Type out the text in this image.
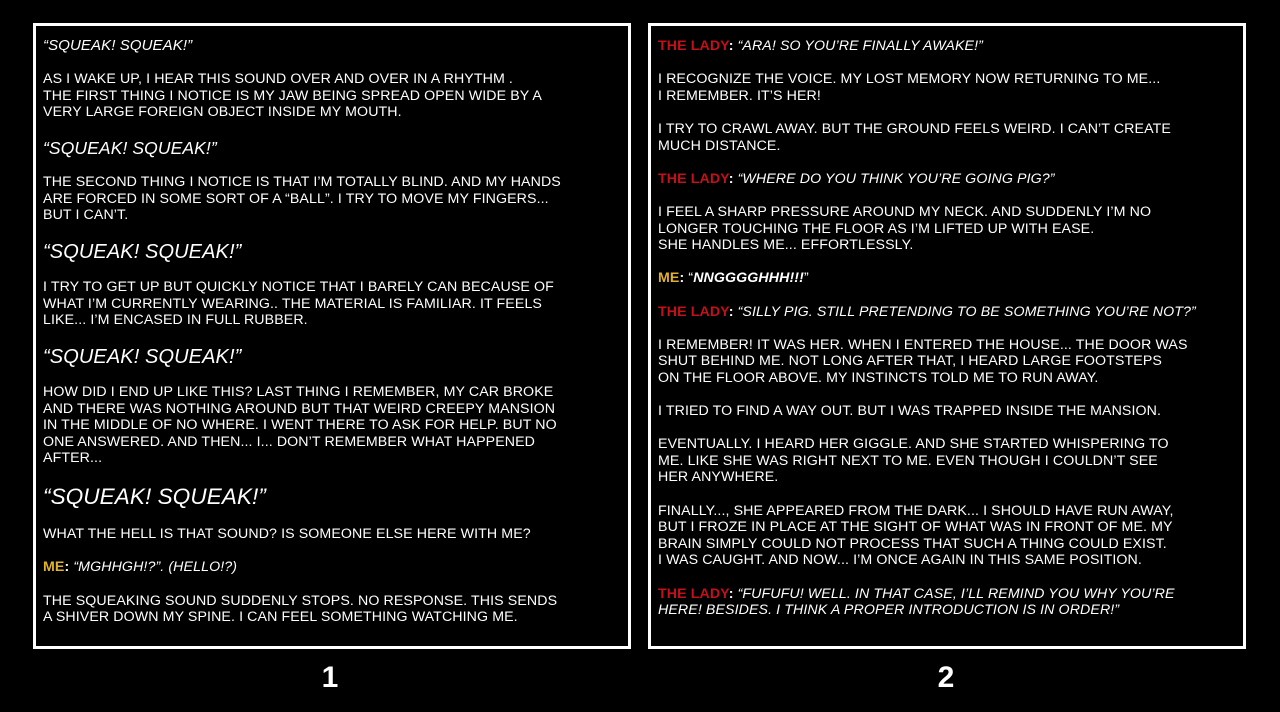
“SQUEAK! SQUEAK!”
AS I WAKE UP, I HEAR THIS SOUND OVER AND OVER IN A RHYTHM .
THE FIRST THING I NOTICE IS MY JAW BEING SPREAD OPEN WIDE BY A
VERY LARGE FOREIGN OBJECT INSIDE MY MOUTH.
“SQUEAK! SQUEAK!”
THE SECOND THING I NOTICE IS THAT I’M TOTALLY BLIND. AND MY HANDS
ARE FORCED IN SOME SORT OF A “BALL”. I TRY TO MOVE MY FINGERS...
BUT I CAN’T.
“SQUEAK! SQUEAK!”
I TRY TO GET UP BUT QUICKLY NOTICE THAT I BARELY CAN BECAUSE OF
WHAT I’M CURRENTLY WEARING.. THE MATERIAL IS FAMILIAR. IT FEELS
LIKE... I’M ENCASED IN FULL RUBBER.
“SQUEAK! SQUEAK!”
HOW DID I END UP LIKE THIS? LAST THING I REMEMBER, MY CAR BROKE
AND THERE WAS NOTHING AROUND BUT THAT WEIRD CREEPY MANSION
IN THE MIDDLE OF NO WHERE. I WENT THERE TO ASK FOR HELP. BUT NO
ONE ANSWERED. AND THEN... I... DON’T REMEMBER WHAT HAPPENED
AFTER...
“SQUEAK! SQUEAK!”
WHAT THE HELL IS THAT SOUND? IS SOMEONE ELSE HERE WITH ME?
ME: “MGHHGH!?”. (HELLO!?)
THE SQUEAKING SOUND SUDDENLY STOPS. NO RESPONSE. THIS SENDS
A SHIVER DOWN MY SPINE. I CAN FEEL SOMETHING WATCHING ME.
THE LADY: “ARA! SO YOU’RE FINALLY AWAKE!”
I RECOGNIZE THE VOICE. MY LOST MEMORY NOW RETURNING TO ME...
I REMEMBER. IT’S HER!
I TRY TO CRAWL AWAY. BUT THE GROUND FEELS WEIRD. I CAN’T CREATE
MUCH DISTANCE.
THE LADY: “WHERE DO YOU THINK YOU’RE GOING PIG?”
I FEEL A SHARP PRESSURE AROUND MY NECK. AND SUDDENLY I’M NO
LONGER TOUCHING THE FLOOR AS I’M LIFTED UP WITH EASE.
SHE HANDLES ME... EFFORTLESSLY.
ME: “NNGGGGHHH!!!”
THE LADY: “SILLY PIG. STILL PRETENDING TO BE SOMETHING YOU’RE NOT?”
I REMEMBER! IT WAS HER. WHEN I ENTERED THE HOUSE... THE DOOR WAS
SHUT BEHIND ME. NOT LONG AFTER THAT, I HEARD LARGE FOOTSTEPS
ON THE FLOOR ABOVE. MY INSTINCTS TOLD ME TO RUN AWAY.
I TRIED TO FIND A WAY OUT. BUT I WAS TRAPPED INSIDE THE MANSION.
EVENTUALLY. I HEARD HER GIGGLE. AND SHE STARTED WHISPERING TO
ME. LIKE SHE WAS RIGHT NEXT TO ME. EVEN THOUGH I COULDN’T SEE
HER ANYWHERE.
FINALLY..., SHE APPEARED FROM THE DARK... I SHOULD HAVE RUN AWAY,
BUT I FROZE IN PLACE AT THE SIGHT OF WHAT WAS IN FRONT OF ME. MY
BRAIN SIMPLY COULD NOT PROCESS THAT SUCH A THING COULD EXIST.
I WAS CAUGHT. AND NOW... I’M ONCE AGAIN IN THIS SAME POSITION.
THE LADY: “FUFUFU! WELL. IN THAT CASE, I’LL REMIND YOU WHY YOU’RE
HERE! BESIDES. I THINK A PROPER INTRODUCTION IS IN ORDER!”
1	2
